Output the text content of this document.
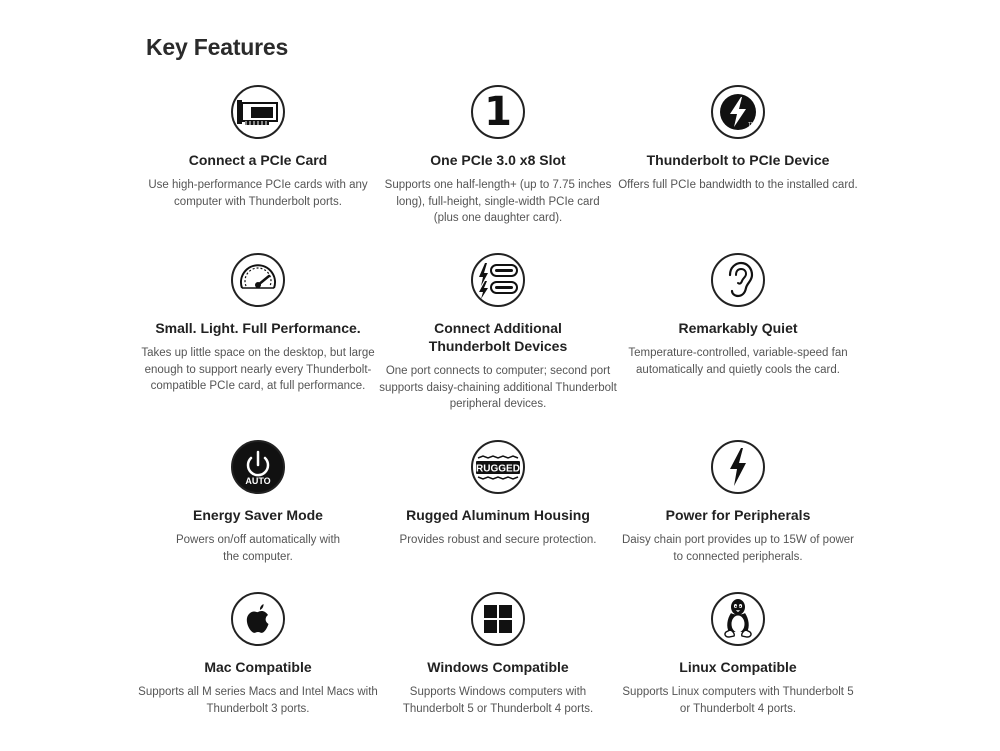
Key Features
Connect a PCIe Card
Use high-performance PCIe cards with any
computer with Thunderbolt ports.
1
One PCIe 3.0 x8 Slot
Supports one half-length+ (up to 7.75 inches
long), full-height, single-width PCIe card
(plus one daughter card).
TM
Thunderbolt to PCIe Device
Offers full PCIe bandwidth to the installed card.
Small. Light. Full Performance.
Takes up little space on the desktop, but large
enough to support nearly every Thunderbolt-
compatible PCIe card, at full performance.
Connect Additional
Thunderbolt Devices
One port connects to computer; second port
supports daisy-chaining additional Thunderbolt
peripheral devices.
Remarkably Quiet
Temperature-controlled, variable-speed fan
automatically and quietly cools the card.
AUTO
Energy Saver Mode
Powers on/off automatically with
the computer.
RUGGED
Rugged Aluminum Housing
Provides robust and secure protection.
Power for Peripherals
Daisy chain port provides up to 15W of power
to connected peripherals.
Mac Compatible
Supports all M series Macs and Intel Macs with
Thunderbolt 3 ports.
Windows Compatible
Supports Windows computers with
Thunderbolt 5 or Thunderbolt 4 ports.
Linux Compatible
Supports Linux computers with Thunderbolt 5
or Thunderbolt 4 ports.
